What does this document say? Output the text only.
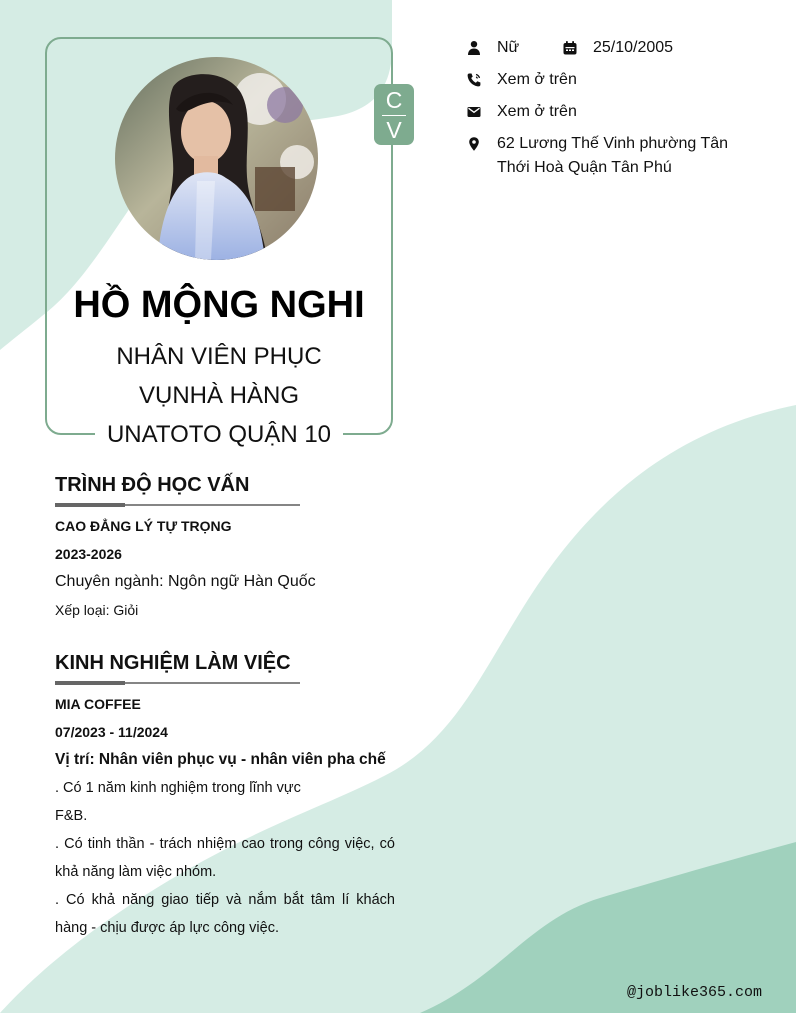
C
V
HỒ MỘNG NGHI
NHÂN VIÊN PHỤC
VỤNHÀ HÀNG
UNATOTO QUẬN 10
Nữ	25/10/2005
Xem ở trên
Xem ở trên
62 Lương Thế Vinh phường Tân Thới Hoà Quận Tân Phú
TRÌNH ĐỘ HỌC VẤN
CAO ĐẲNG LÝ TỰ TRỌNG
2023-2026
Chuyên ngành: Ngôn ngữ Hàn Quốc
Xếp loại: Giỏi
KINH NGHIỆM LÀM VIỆC
MIA COFFEE
07/2023 - 11/2024
Vị trí: Nhân viên phục vụ - nhân viên pha chế
. Có 1 năm kinh nghiệm trong lĩnh vực
F&B.
. Có tinh thần - trách nhiệm cao trong công việc, có khả năng làm việc nhóm.
. Có khả năng giao tiếp và nắm bắt tâm lí khách hàng - chịu được áp lực công việc.
@joblike365.com
